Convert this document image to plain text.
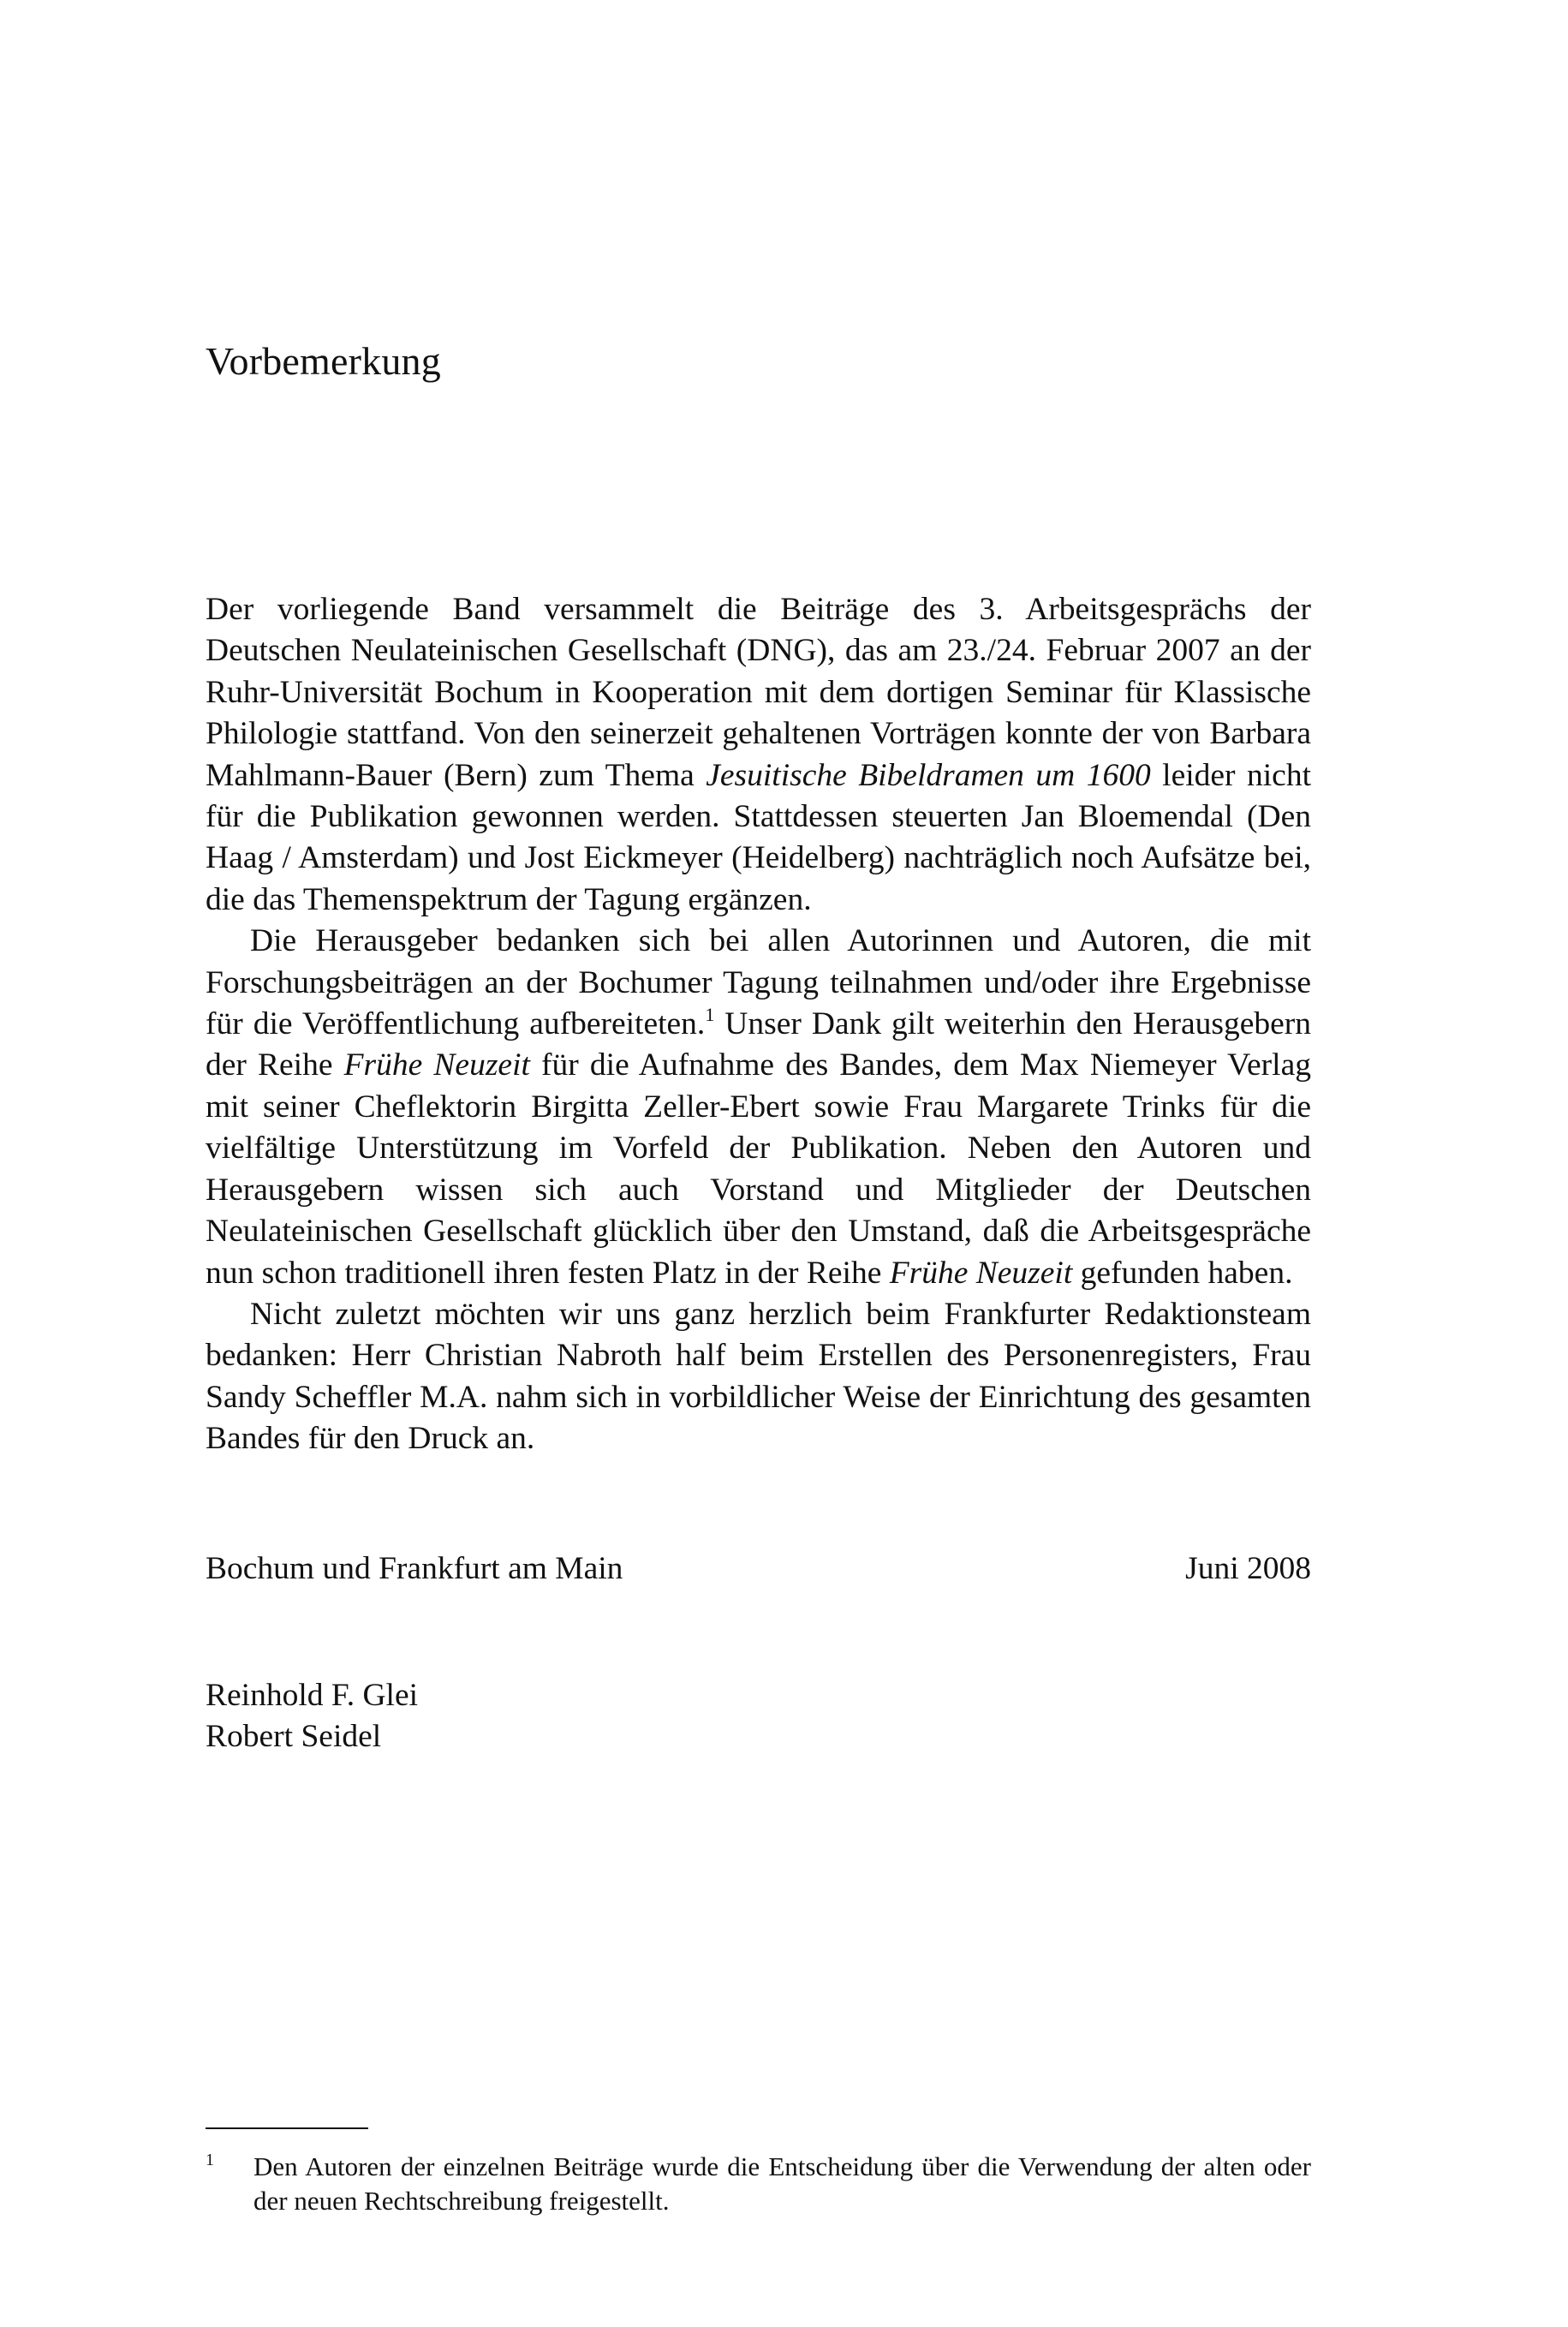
Vorbemerkung

Der vorliegende Band versammelt die Beiträge des 3. Arbeitsgesprächs der Deutschen Neulateinischen Gesellschaft (DNG), das am 23./24. Februar 2007 an der Ruhr-Universität Bochum in Kooperation mit dem dortigen Seminar für Klassische Philologie stattfand. Von den seinerzeit gehaltenen Vorträgen konnte der von Barbara Mahlmann-Bauer (Bern) zum Thema Jesuitische Bibeldramen um 1600 leider nicht für die Publikation gewonnen werden. Stattdessen steuerten Jan Bloemendal (Den Haag / Amsterdam) und Jost Eickmeyer (Heidelberg) nachträglich noch Aufsätze bei, die das Themenspektrum der Tagung ergänzen.

Die Herausgeber bedanken sich bei allen Autorinnen und Autoren, die mit Forschungsbeiträgen an der Bochumer Tagung teilnahmen und/oder ihre Ergebnisse für die Veröffentlichung aufbereiteten.$^1$ Unser Dank gilt weiterhin den Herausgebern der Reihe Frühe Neuzeit für die Aufnahme des Bandes, dem Max Niemeyer Verlag mit seiner Cheflektorin Birgitta Zeller-Ebert sowie Frau Margarete Trinks für die vielfältige Unterstützung im Vorfeld der Publikation. Neben den Autoren und Herausgebern wissen sich auch Vorstand und Mitglieder der Deutschen Neulateinischen Gesellschaft glücklich über den Umstand, daß die Arbeitsgespräche nun schon traditionell ihren festen Platz in der Reihe Frühe Neuzeit gefunden haben.

Nicht zuletzt möchten wir uns ganz herzlich beim Frankfurter Redaktionsteam bedanken: Herr Christian Nabroth half beim Erstellen des Personenregisters, Frau Sandy Scheffler M.A. nahm sich in vorbildlicher Weise der Einrichtung des gesamten Bandes für den Druck an.

Bochum und Frankfurt am Main	Juni 2008
Reinhold F. Glei
Robert Seidel
1 Den Autoren der einzelnen Beiträge wurde die Entscheidung über die Verwendung der alten oder der neuen Rechtschreibung freigestellt.
